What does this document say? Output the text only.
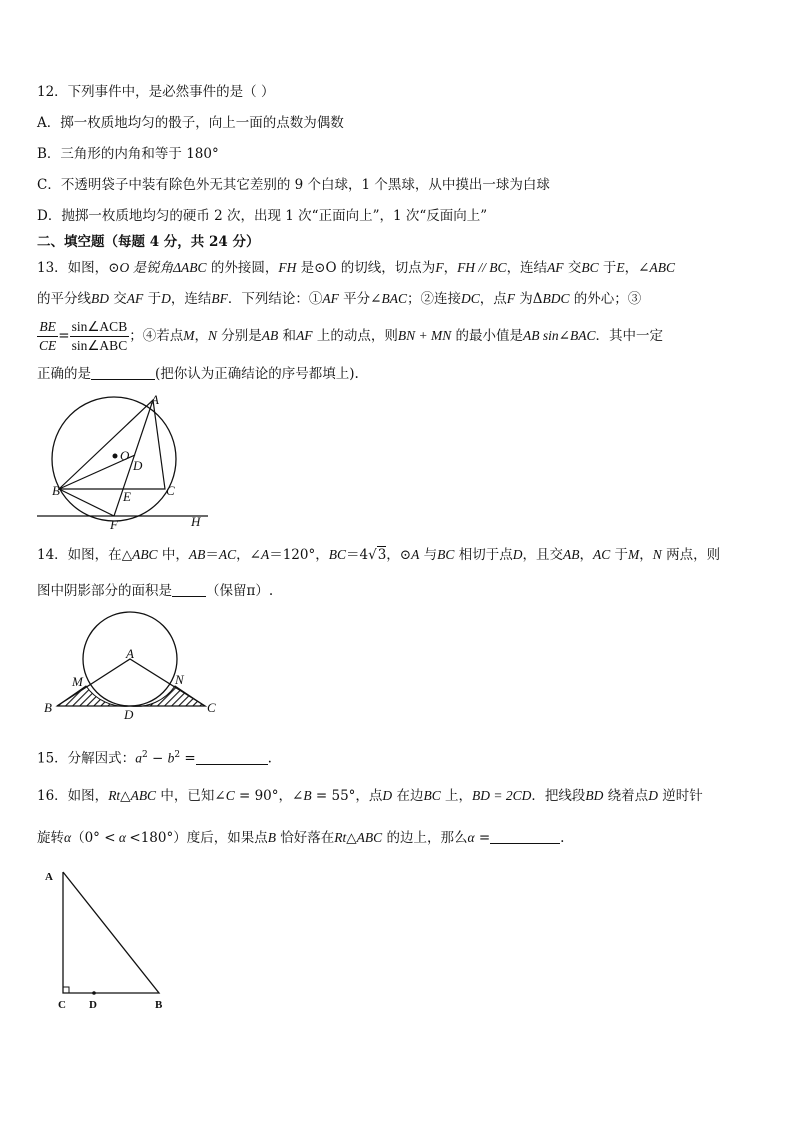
12．下列事件中，是必然事件的是（ ）
A．掷一枚质地均匀的骰子，向上一面的点数为偶数
B．三角形的内角和等于 180°
C．不透明袋子中装有除色外无其它差别的 9 个白球，1 个黑球，从中摸出一球为白球
D．抛掷一枚质地均匀的硬币 2 次，出现 1 次“正面向上”，1 次“反面向上”
二、填空题（每题 4 分，共 24 分）
13．如图，⊙O 是锐角ΔABC 的外接圆，FH 是⊙O 的切线，切点为F，FH // BC，连结AF 交BC 于E，∠ABC
的平分线BD 交AF 于D，连结BF．下列结论：①AF 平分∠BAC；②连接DC，点F 为ΔBDC 的外心；③
$\frac{BE}{CE} = \frac{\text{sin∠ACB}}{\text{sin∠ABC}}$ ；④若点M，N 分别是AB 和AF 上的动点，则BN + MN 的最小值是AB sin∠BAC．其中一定
正确的是	(把你认为正确结论的序号都填上).
A
O
D
B	C
E
F	H
14．如图，在△ABC 中，AB＝AC，∠A＝120°，BC＝4√3，⊙A 与BC 相切于点D，且交AB，AC 于M，N 两点，则
图中阴影部分的面积是	（保留π）.
A
M	N
B	D	C
15．分解因式：$a^2 - b^2$ =	.
16．如图，Rt△ABC 中，已知∠C = 90°，∠B = 55°，点D 在边BC 上，BD = 2CD．把线段BD 绕着点D 逆时针
旋转α（0° < α <180°）度后，如果点B 恰好落在Rt△ABC 的边上，那么α =	.
A
C D	B
